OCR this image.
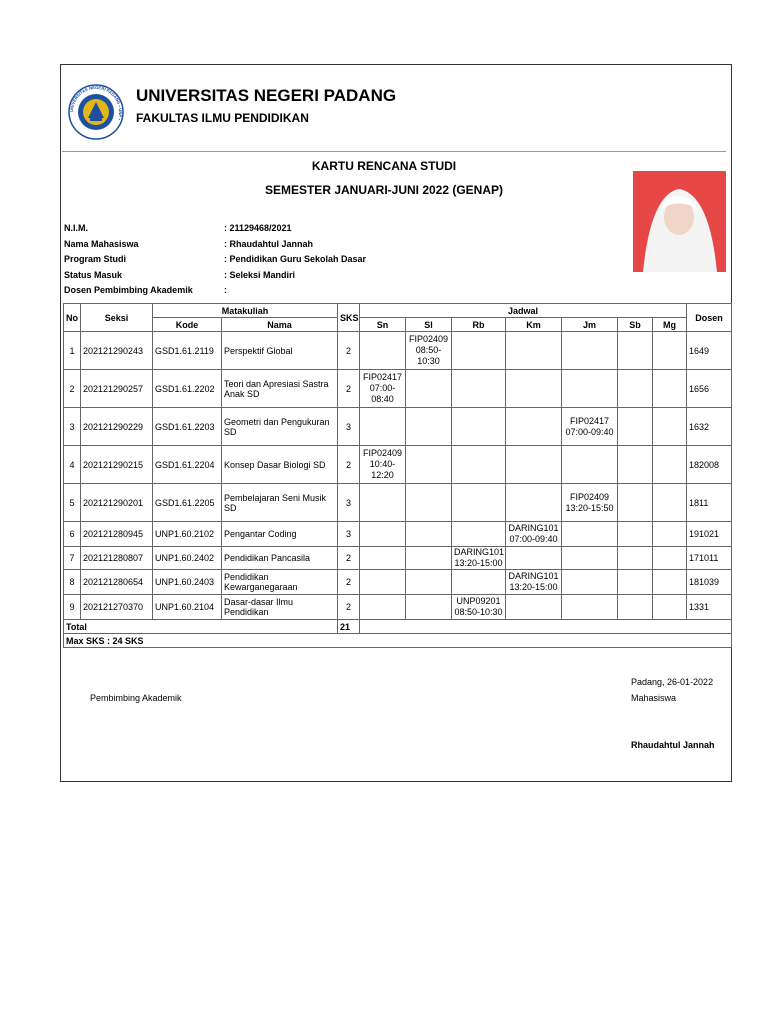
UNIVERSITAS NEGERI PADANG • UNP •
UNIVERSITAS NEGERI PADANG
FAKULTAS ILMU PENDIDIKAN
KARTU RENCANA STUDI
SEMESTER JANUARI-JUNI 2022 (GENAP)
N.I.M.	: 21129468/2021
Nama Mahasiswa	: Rhaudahtul Jannah
Program Studi	: Pendidikan Guru Sekolah Dasar
Status Masuk	: Seleksi Mandiri
Dosen Pembimbing Akademik	:
No	Seksi	Matakuliah		SKS	Jadwal							Dosen
		Kode	Nama		Sn	Sl	Rb	Km	Jm	Sb	Mg	
1	202121290243	GSD1.61.2119	Perspektif Global	2		FIP02409 08:50-10:30						1649
2	202121290257	GSD1.61.2202	Teori dan Apresiasi Sastra Anak SD	2	FIP02417 07:00-08:40							1656
3	202121290229	GSD1.61.2203	Geometri dan Pengukuran SD	3					FIP02417 07:00-09:40			1632
4	202121290215	GSD1.61.2204	Konsep Dasar Biologi SD	2	FIP02409 10:40-12:20							182008
5	202121290201	GSD1.61.2205	Pembelajaran Seni Musik SD	3					FIP02409 13:20-15:50			1811
6	202121280945	UNP1.60.2102	Pengantar Coding	3				DARING101 07:00-09:40				191021
7	202121280807	UNP1.60.2402	Pendidikan Pancasila	2			DARING101 13:20-15:00					171011
8	202121280654	UNP1.60.2403	Pendidikan Kewarganegaraan	2				DARING101 13:20-15:00				181039
9	202121270370	UNP1.60.2104	Dasar-dasar Ilmu Pendidikan	2			UNP09201 08:50-10:30					1331
Total				21								
Max SKS : 24 SKS												
Padang, 26-01-2022
Pembimbing Akademik	Mahasiswa
Rhaudahtul Jannah
